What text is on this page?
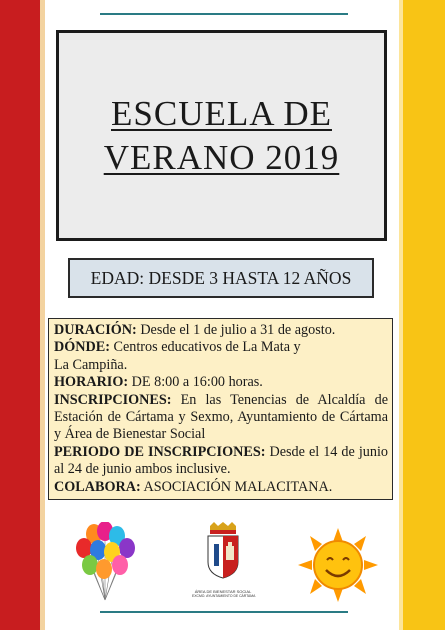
ESCUELA DE
VERANO 2019
EDAD: DESDE 3 HASTA 12 AÑOS

DURACIÓN: Desde el 1 de julio a 31 de agosto.

DÓNDE: Centros educativos de La Mata y

La Campiña.

HORARIO: DE 8:00 a 16:00 horas.

INSCRIPCIONES: En las Tenencias de Alcaldía de Estación de Cártama y Sexmo, Ayuntamiento de Cártama y Área de Bienestar Social

PERIODO DE INSCRIPCIONES: Desde el 14 de junio al 24 de junio ambos inclusive.

COLABORA: ASOCIACIÓN MALACITANA.

ÁREA DE BIENESTAR SOCIAL
EXCMO. AYUNTAMIENTO DE CÁRTAMA
